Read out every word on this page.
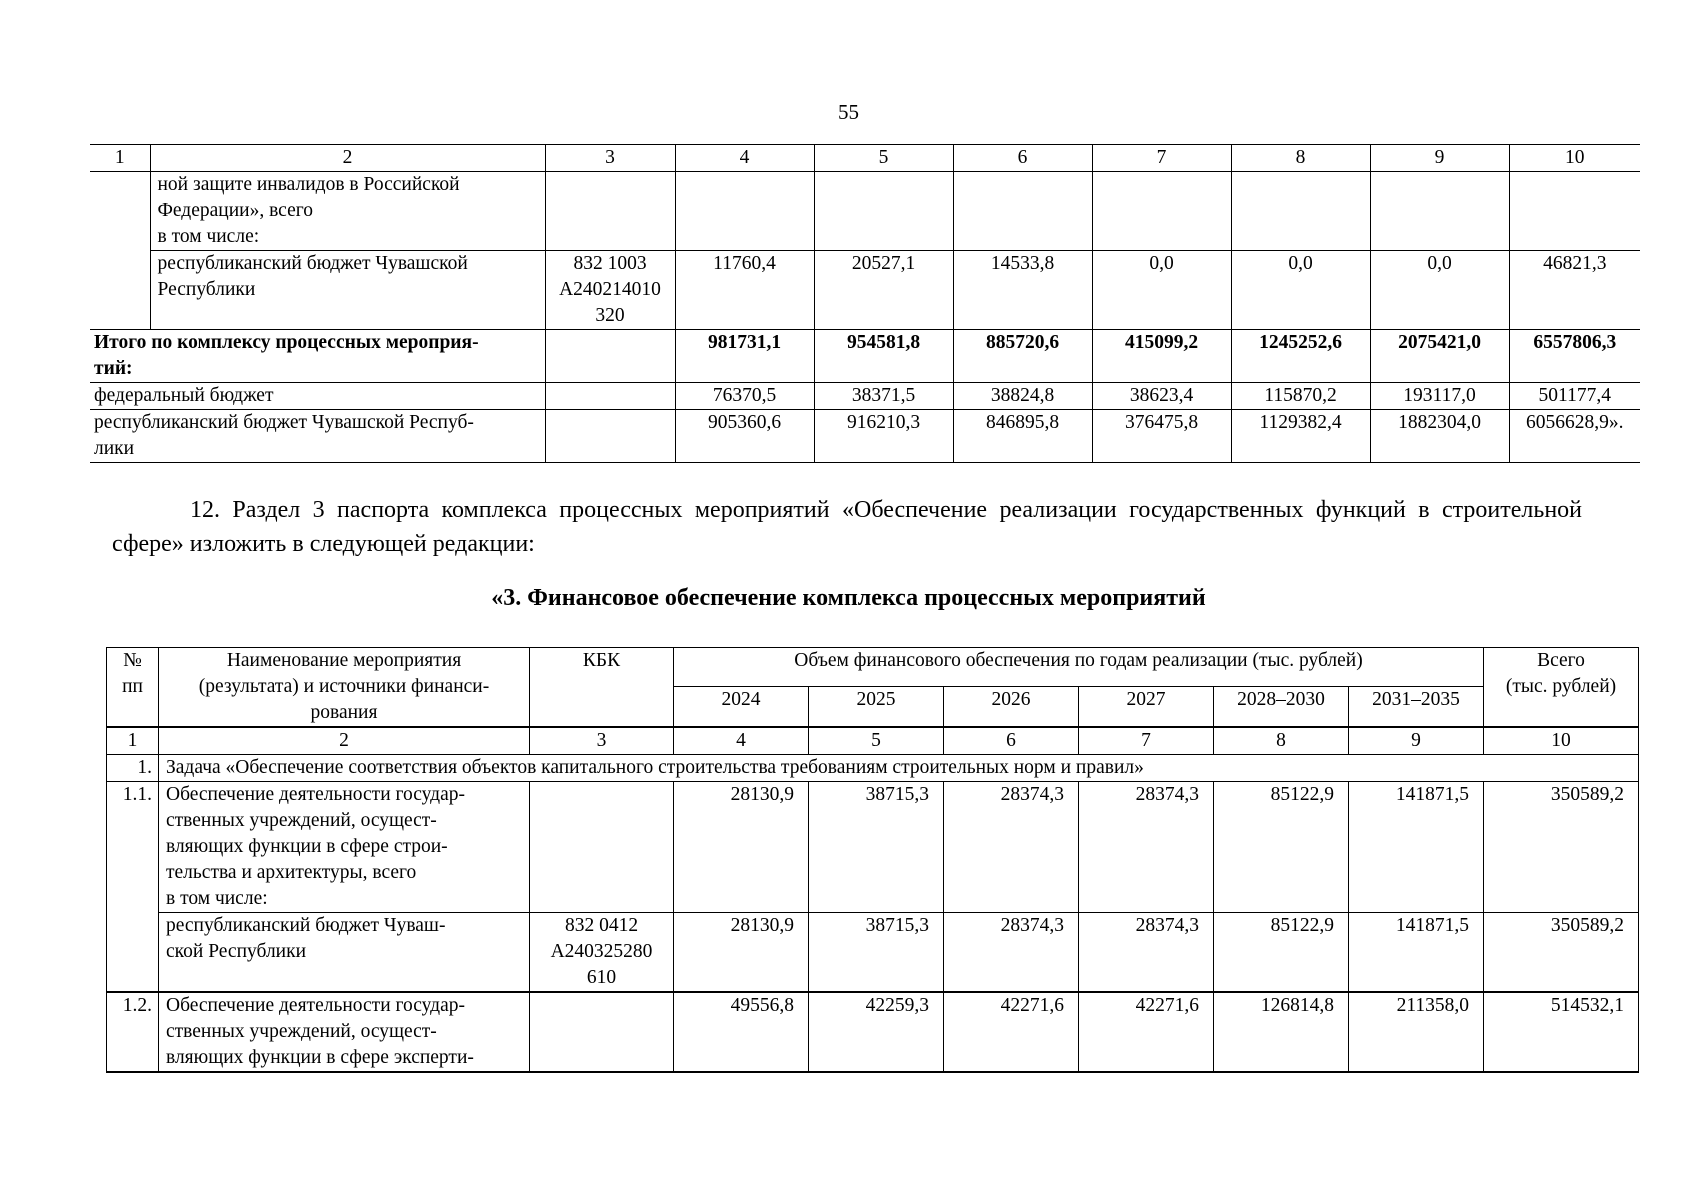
55
1	2	3	4	5	6	7	8	9	10
	ной защите инвалидов в Российской
Федерации», всего
в том числе:								
	республиканский бюджет Чувашской
Республики	832 1003
А240214010
320	11760,4	20527,1	14533,8	0,0	0,0	0,0	46821,3
Итого по комплексу процессных мероприя-
тий:			981731,1	954581,8	885720,6	415099,2	1245252,6	2075421,0	6557806,3
федеральный бюджет			76370,5	38371,5	38824,8	38623,4	115870,2	193117,0	501177,4
республиканский бюджет Чувашской Респуб-
лики			905360,6	916210,3	846895,8	376475,8	1129382,4	1882304,0	6056628,9».
12. Раздел 3 паспорта комплекса процессных мероприятий «Обеспечение реализации государственных функций в строительной сфере» изложить в следующей редакции:
«3. Финансовое обеспечение комплекса процессных мероприятий
№
пп	Наименование мероприятия
(результата) и источники финанси-
рования	КБК	Объем финансового обеспечения по годам реализации (тыс. рублей)						Всего
(тыс. рублей)
			2024	2025	2026	2027	2028–2030	2031–2035	
1	2	3	4	5	6	7	8	9	10
1.	Задача «Обеспечение соответствия объектов капитального строительства требованиям строительных норм и правил»								
1.1.	Обеспечение деятельности государ-
ственных учреждений, осущест-
вляющих функции в сфере строи-
тельства и архитектуры, всего
в том числе:		28130,9	38715,3	28374,3	28374,3	85122,9	141871,5	350589,2
	республиканский бюджет Чуваш-
ской Республики	832 0412
А240325280
610	28130,9	38715,3	28374,3	28374,3	85122,9	141871,5	350589,2
1.2.	Обеспечение деятельности государ-
ственных учреждений, осущест-
вляющих функции в сфере эксперти-		49556,8	42259,3	42271,6	42271,6	126814,8	211358,0	514532,1
